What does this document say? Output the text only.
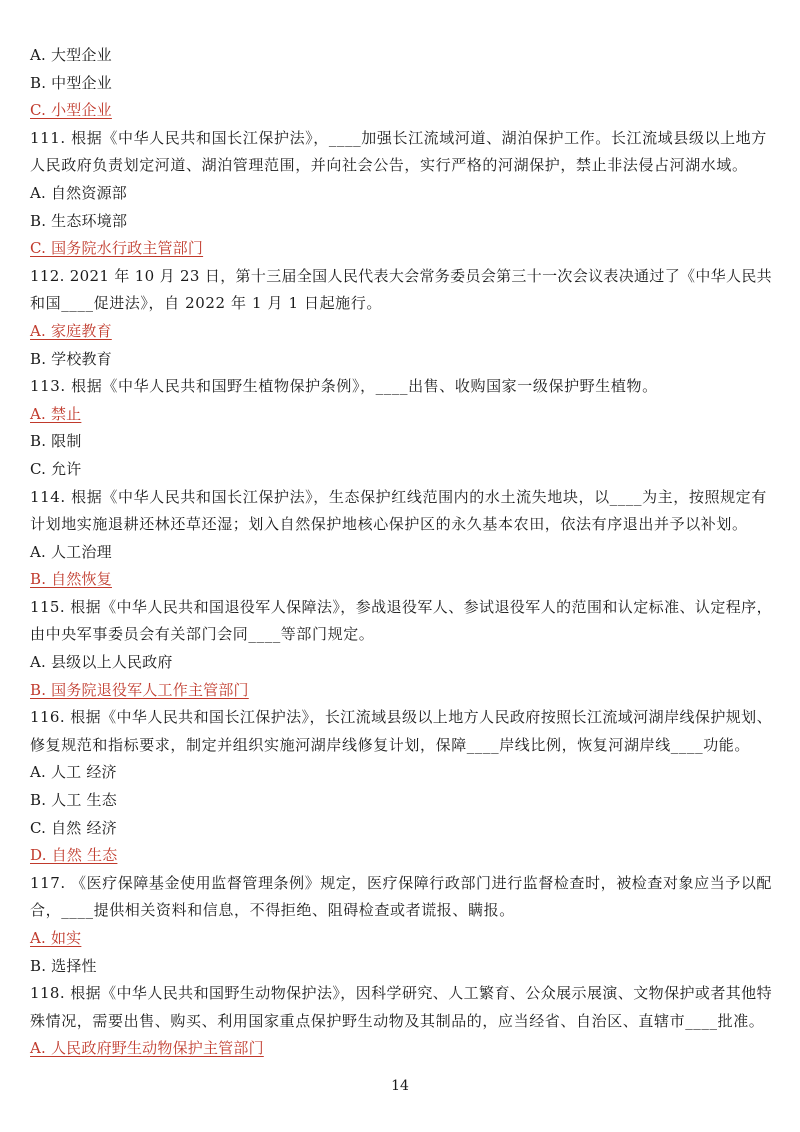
A. 大型企业
B. 中型企业
C. 小型企业
111. 根据《中华人民共和国长江保护法》，____加强长江流域河道、湖泊保护工作。长江流域县级以上地方
人民政府负责划定河道、湖泊管理范围，并向社会公告，实行严格的河湖保护，禁止非法侵占河湖水域。
A. 自然资源部
B. 生态环境部
C. 国务院水行政主管部门
112. 2021 年 10 月 23 日，第十三届全国人民代表大会常务委员会第三十一次会议表决通过了《中华人民共
和国____促进法》，自 2022 年 1 月 1 日起施行。
A. 家庭教育
B. 学校教育
113. 根据《中华人民共和国野生植物保护条例》，____出售、收购国家一级保护野生植物。
A. 禁止
B. 限制
C. 允许
114. 根据《中华人民共和国长江保护法》，生态保护红线范围内的水土流失地块，以____为主，按照规定有
计划地实施退耕还林还草还湿；划入自然保护地核心保护区的永久基本农田，依法有序退出并予以补划。
A. 人工治理
B. 自然恢复
115. 根据《中华人民共和国退役军人保障法》，参战退役军人、参试退役军人的范围和认定标准、认定程序，
由中央军事委员会有关部门会同____等部门规定。
A. 县级以上人民政府
B. 国务院退役军人工作主管部门
116. 根据《中华人民共和国长江保护法》，长江流域县级以上地方人民政府按照长江流域河湖岸线保护规划、
修复规范和指标要求，制定并组织实施河湖岸线修复计划，保障____岸线比例，恢复河湖岸线____功能。
A. 人工 经济
B. 人工 生态
C. 自然 经济
D. 自然 生态
117. 《医疗保障基金使用监督管理条例》规定，医疗保障行政部门进行监督检查时，被检查对象应当予以配
合，____提供相关资料和信息，不得拒绝、阻碍检查或者谎报、瞒报。
A. 如实
B. 选择性
118. 根据《中华人民共和国野生动物保护法》，因科学研究、人工繁育、公众展示展演、文物保护或者其他特
殊情况，需要出售、购买、利用国家重点保护野生动物及其制品的，应当经省、自治区、直辖市____批准。
A. 人民政府野生动物保护主管部门
14
